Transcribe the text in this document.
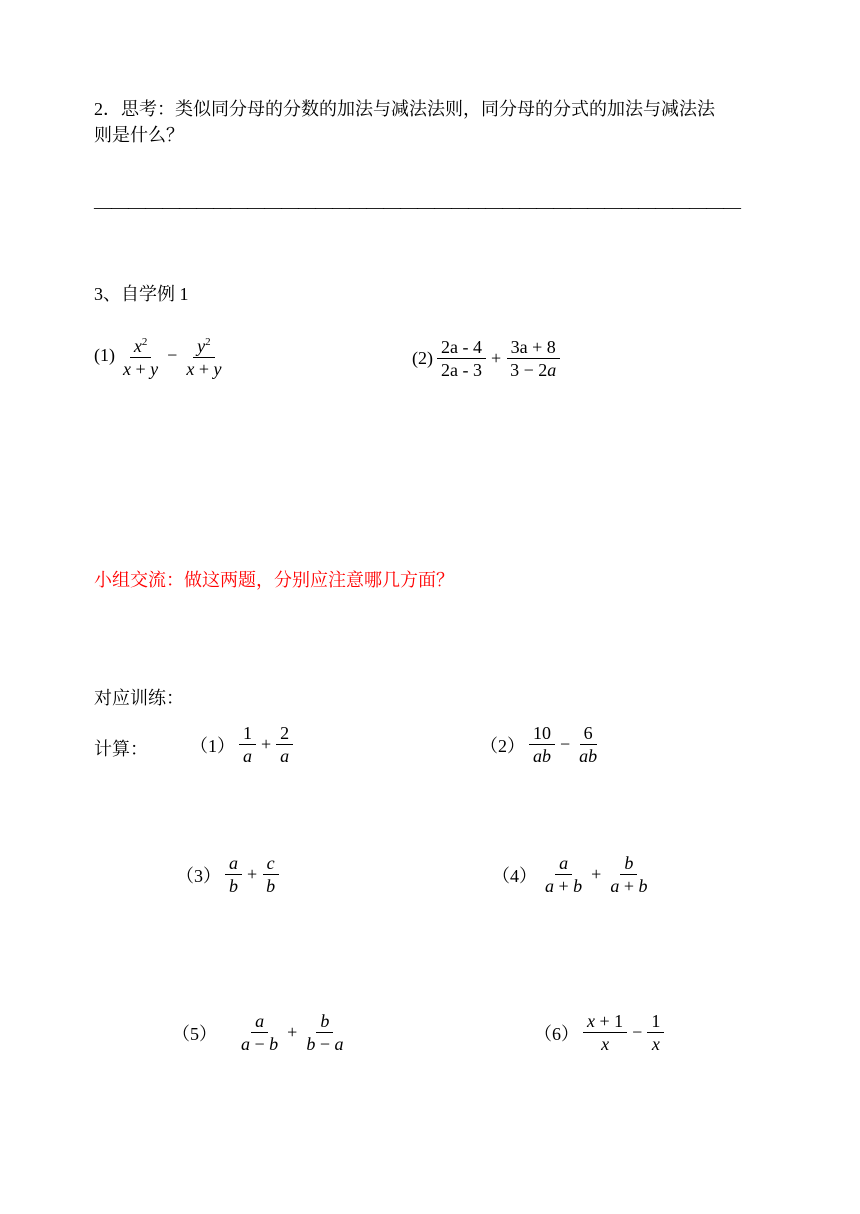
2．思考：类似同分母的分数的加法与减法法则，同分母的分式的加法与减法法
则是什么？
——————————————————————————————————————
3、自学例 1
$(1) \frac{x^2}{x + y} - \frac{y^2}{x + y}$	$(2) \frac{2a - 4}{2a - 3} + \frac{3a + 8}{3 - 2a}$
小组交流：做这两题，分别应注意哪几方面？
对应训练：
计算： $(1) \frac{1}{a} + \frac{2}{a}$	$(2) \frac{10}{ab} - \frac{6}{ab}$
$(3) \frac{a}{b} + \frac{c}{b}$	$(4) \frac{a}{a + b} + \frac{b}{a + b}$
$(5) \frac{a}{a - b} + \frac{b}{b - a}$	$(6) \frac{x + 1}{x} - \frac{1}{x}$
